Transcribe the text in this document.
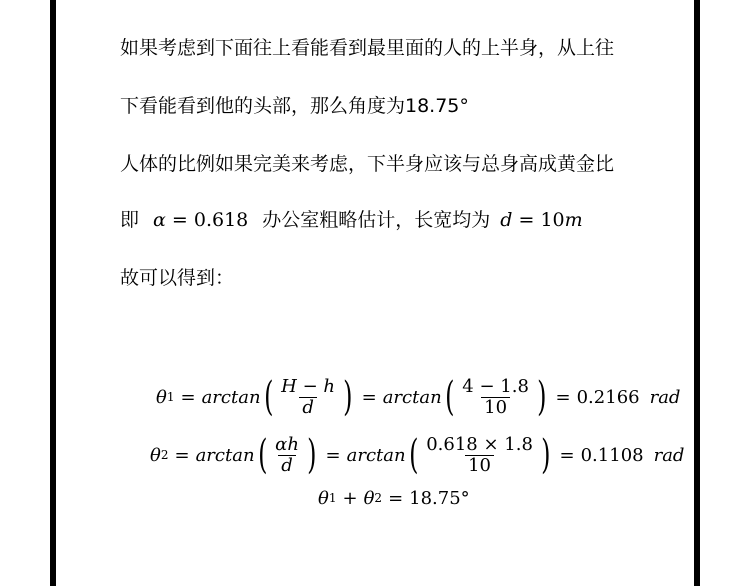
如果考虑到下面往上看能看到最里面的人的上半身，从上往
下看能看到他的头部，那么角度为18.75°
人体的比例如果完美来考虑，下半身应该与总身高成黄金比
即 α = 0.618 办公室粗略估计，长宽均为 d = 10m
故可以得到：
θ 1 = arctan ( $\frac{H - h}{d}$ ) = arctan ( $\frac{4 - 1.8}{10}$ ) = 0.2166 rad
θ 2 = arctan ( $\frac{\alpha h}{d}$ ) = arctan ( $\frac{0.618 \times 1.8}{10}$ ) = 0.1108 rad
θ 1 + θ 2 = 18.75°
